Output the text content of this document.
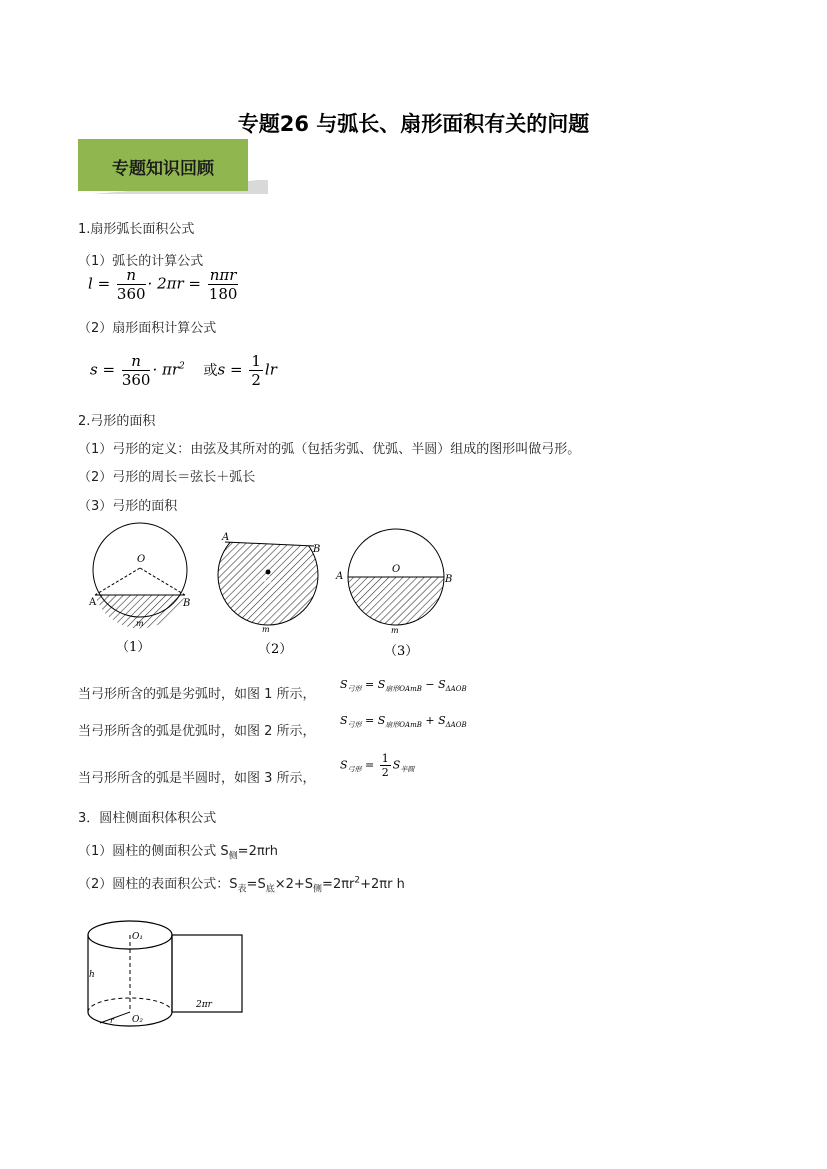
专题26 与弧长、扇形面积有关的问题
专题知识回顾
1.扇形弧长面积公式
（1）弧长的计算公式
$l = \frac{n}{360} \cdot 2\pi r = \frac{\text{nπr}}{180}$
（2）扇形面积计算公式
$s = \frac{n}{360} \cdot \pi r^2$ 或$s = \frac{1}{2}$ lr
2.弓形的面积
（1）弓形的定义：由弦及其所对的弧（包括劣弧、优弧、半圆）组成的图形叫做弓形。
（2）弓形的周长＝弦长＋弧长
（3）弓形的面积
O
A	B
m
（1）
O
A
B
m
（2）
O
A	B
m
（3）
当弓形所含的弧是劣弧时，如图 1 所示，
$S_{弓形} = S_{扇形OAmB} - S_{\Delta AOB}$
当弓形所含的弧是优弧时，如图 2 所示，
$S_{弓形} = S_{扇形OAmB} + S_{\Delta AOB}$
当弓形所含的弧是半圆时，如图 3 所示，
$S_{弓形} = \frac{1}{2} S_{半圆}$
3．圆柱侧面积体积公式
（1）圆柱的侧面积公式 $S_侧=2\pi rh$
（2）圆柱的表面积公式：$S_表=S_底\times 2+S_侧=2\pi r^2+2\pi r$ h
O₁
O₂
h
r
2πr
